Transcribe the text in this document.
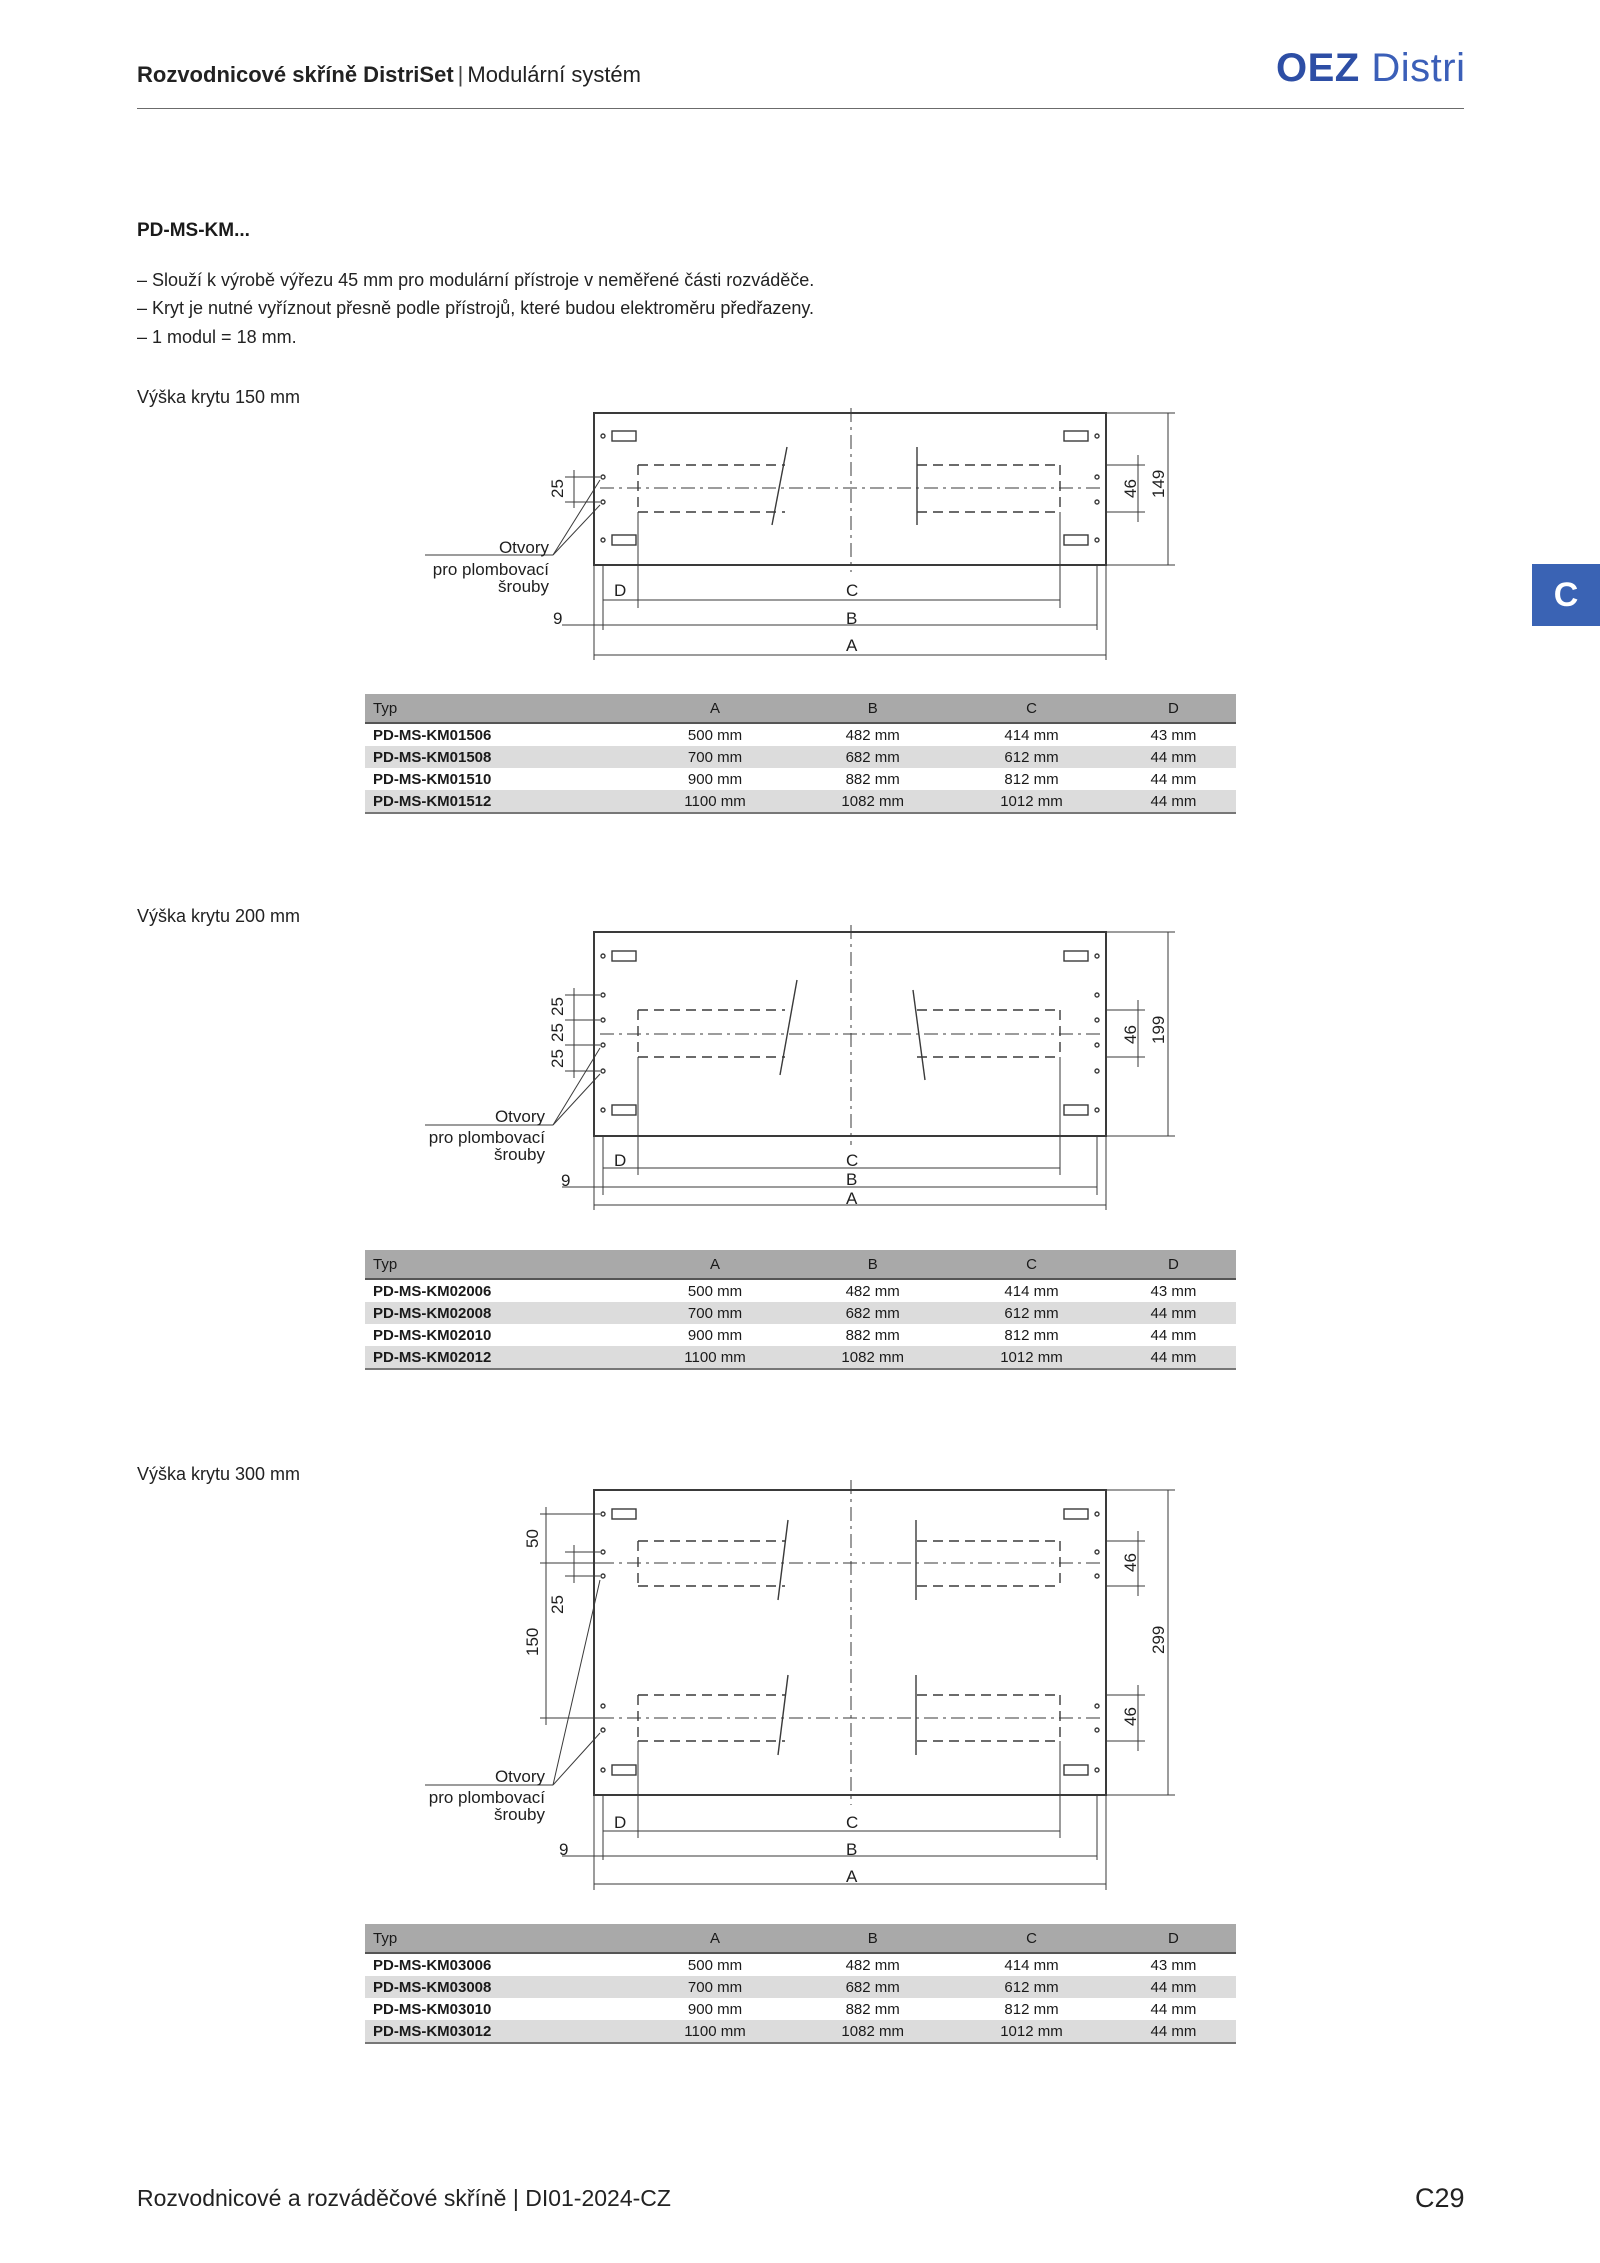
Rozvodnicové skříně DistriSet | Modulární systém	OEZ Distri
C
PD-MS-KM...
– Slouží k výrobě výřezu 45 mm pro modulární přístroje v neměřené části rozváděče.
– Kryt je nutné vyříznout přesně podle přístrojů, které budou elektroměru předřazeny.
– 1 modul = 18 mm.
Výška krytu 150 mm
25	46 149
Otvory
pro plombovací
šrouby	D	C
9	B
A
Typ	A	B	C	D
PD-MS-KM01506	500 mm	482 mm	414 mm	43 mm
PD-MS-KM01508	700 mm	682 mm	612 mm	44 mm
PD-MS-KM01510	900 mm	882 mm	812 mm	44 mm
PD-MS-KM01512	1100 mm	1082 mm	1012 mm	44 mm
Výška krytu 200 mm
25
25
25
46 199
Otvory
pro plombovací
šrouby	D	C
9	B
A
Typ	A	B	C	D
PD-MS-KM02006	500 mm	482 mm	414 mm	43 mm
PD-MS-KM02008	700 mm	682 mm	612 mm	44 mm
PD-MS-KM02010	900 mm	882 mm	812 mm	44 mm
PD-MS-KM02012	1100 mm	1082 mm	1012 mm	44 mm
Výška krytu 300 mm
50
25
150
46
46
299
Otvory
pro plombovací
šrouby	D	C
9	B
A
Typ	A	B	C	D
PD-MS-KM03006	500 mm	482 mm	414 mm	43 mm
PD-MS-KM03008	700 mm	682 mm	612 mm	44 mm
PD-MS-KM03010	900 mm	882 mm	812 mm	44 mm
PD-MS-KM03012	1100 mm	1082 mm	1012 mm	44 mm
Rozvodnicové a rozváděčové skříně | DI01-2024-CZ	C29
